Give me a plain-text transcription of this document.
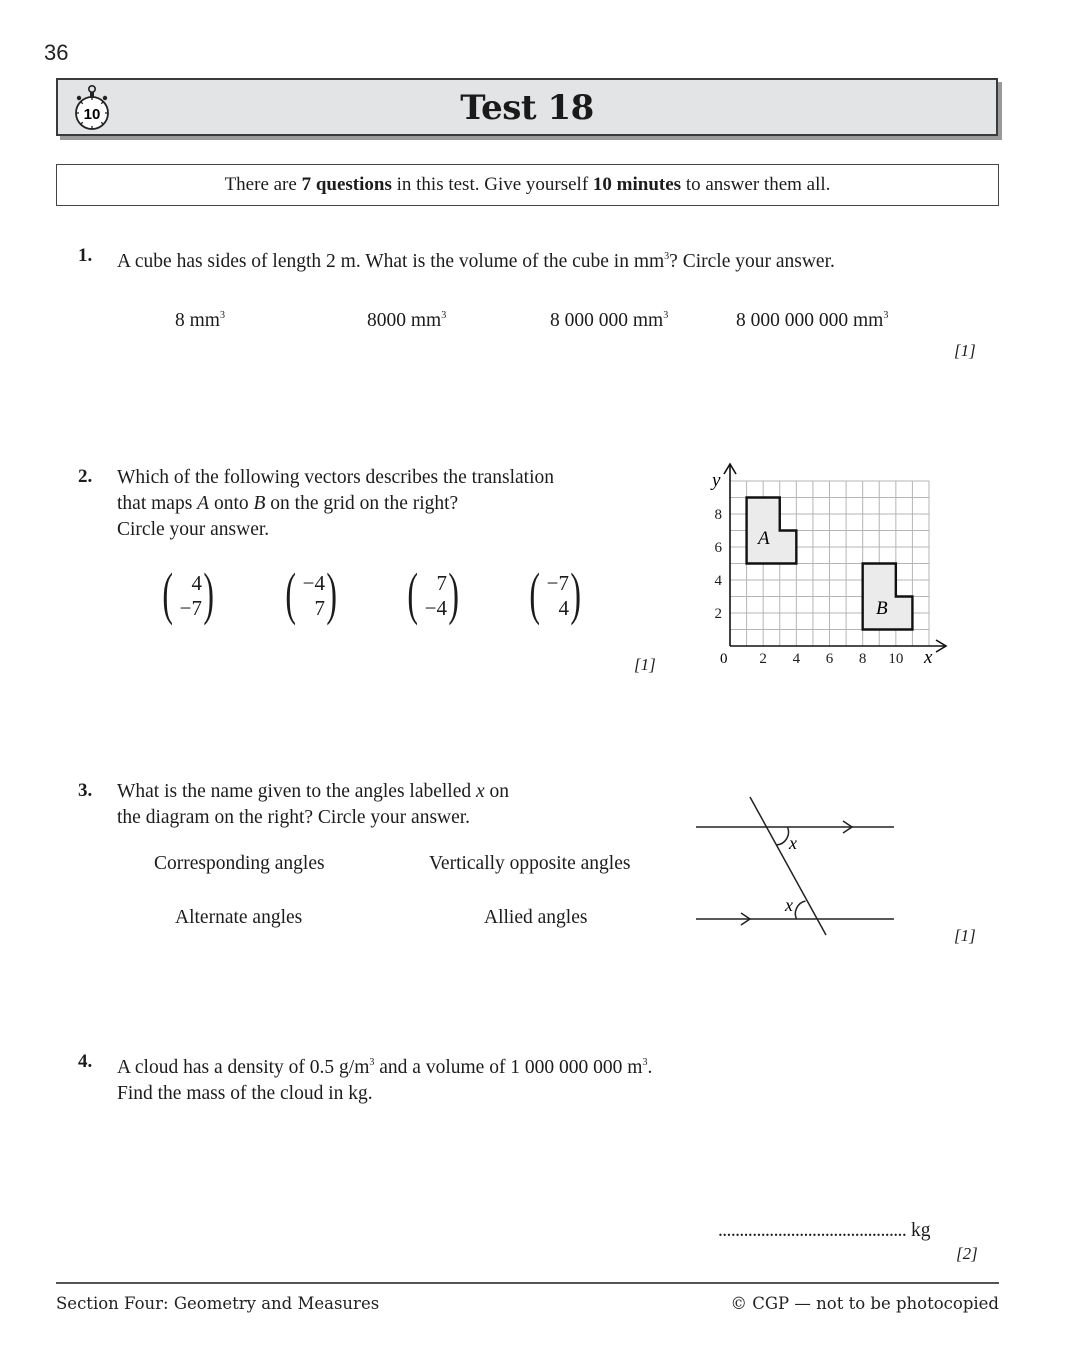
36
10	Test 18
There are 7 questions in this test. Give yourself 10 minutes to answer them all.
1. A cube has sides of length 2 m. What is the volume of the cube in $mm^3$? Circle your answer.
8 $mm^3$	8000 $mm^3$	8 000 000 $mm^3$	8 000 000 000 $mm^3$
[1]
2. Which of the following vectors describes the translation
that maps A onto B on the grid on the right?
Circle your answer.
( 4
−7 ) ( −4
7 ) ( 7
−4 ) ( −7
4 )
[1]	2 4 6 8 10
2
4
6
8
y
x
0
A
B
3. What is the name given to the angles labelled x on
the diagram on the right? Circle your answer.
Corresponding angles	Vertically opposite angles
Alternate angles	Allied angles
x
x
[1]
4. A cloud has a density of 0.5 $g/m^3$ and a volume of 1 000 000 000 $m^3$.
Find the mass of the cloud in kg.
............................................ kg
[2]
Section Four: Geometry and Measures	© CGP — not to be photocopied
